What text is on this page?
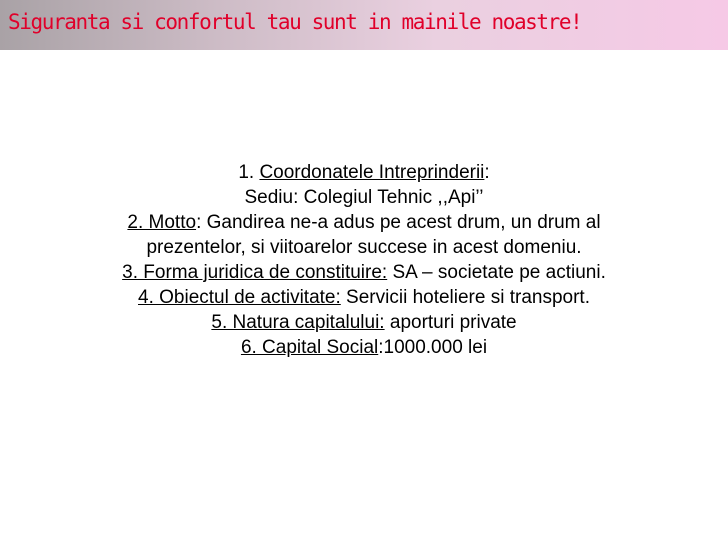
Siguranta si confortul tau sunt in mainile noastre!
1. Coordonatele Intreprinderii:
Sediu: Colegiul Tehnic ,,Api’’
2. Motto: Gandirea ne-a adus pe acest drum, un drum al
prezentelor, si viitoarelor succese in acest domeniu.
3. Forma juridica de constituire: SA – societate pe actiuni.
4. Obiectul de activitate: Servicii hoteliere si transport.
5. Natura capitalului: aporturi private
6. Capital Social:1000.000 lei
